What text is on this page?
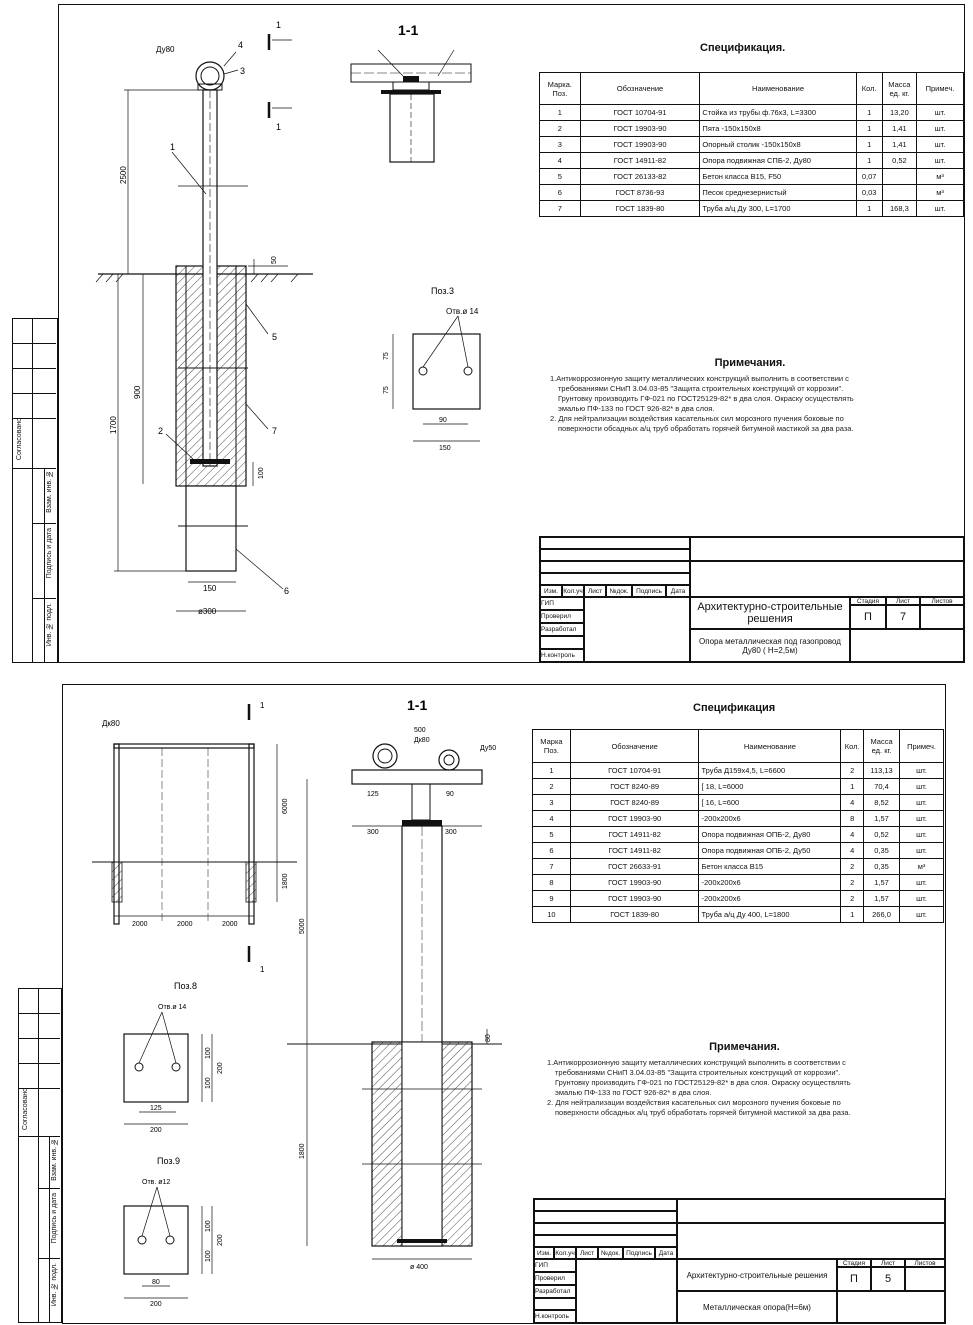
Согласовано
Взам. инв. №
Подпись и дата
Инв. № подл.
2500
900
1700
50
100
150
ø300
Ду80
1
2
3
4
5
6
7
1
1
1-1
Поз.3
Отв.ø 14
75
75
90
150
Спецификация.
Марка. Поз.	Обозначение	Наименование	Кол.	Масса ед. кг.	Примеч.
1	ГОСТ 10704-91	Стойка из трубы ф.76х3, L=3300	1	13,20	шт.
2	ГОСТ 19903-90	Пята -150х150х8	1	1,41	шт.
3	ГОСТ 19903-90	Опорный столик -150х150х8	1	1,41	шт.
4	ГОСТ 14911-82	Опора подвижная СПБ-2, Ду80	1	0,52	шт.
5	ГОСТ 26133-82	Бетон класса В15, F50	0,07		м³
6	ГОСТ 8736-93	Песок среднезернистый	0,03		м³
7	ГОСТ 1839-80	Труба а/ц Ду 300, L=1700	1	168,3	шт.
Примечания.
1.Антикоррозионную защиту металлических конструкций выполнить в соответствии с
требованиями СНиП 3.04.03-85 "Защита строительных конструкций от коррозии".
Грунтовку производить ГФ-021 по ГОСТ25129-82* в два слоя. Окраску осуществлять
эмалью ПФ-133 по ГОСТ 926-82* в два слоя.
2. Для нейтрализации воздействия касательных сил морозного пучения боковые по
поверхности обсадных а/ц труб обработать горячей битумной мастикой за два раза.
Изм. Кол.уч Лист	№док.	Подпись	Дата
ГИП
Проверил
Разработал
Н.контроль
Архитектурно-строительные решения
Стадия	Лист	Листов
П	7
Опора металлическая под газопровод Ду80 ( H=2,5м)
Согласовано
Взам. инв. №
Подпись и дата
Инв. № подл.
Дк80
2000	2000	2000
6000
1800
1
1
1-1
Дк80
Ду50
5000
1800
300	300
125	90
500
ø 400
80
Поз.8
Отв.ø 14
125
200
100
100
200
Поз.9
Отв. ø12
80
200
100
100
200
Спецификация
Марка Поз.	Обозначение	Наименование	Кол.	Масса ед. кг.	Примеч.
1	ГОСТ 10704-91	Труба Д159х4,5, L=6600	2	113,13	шт.
2	ГОСТ 8240-89	[ 18, L=6000	1	70,4	шт.
3	ГОСТ 8240-89	[ 16, L=600	4	8,52	шт.
4	ГОСТ 19903-90	-200х200х6	8	1,57	шт.
5	ГОСТ 14911-82	Опора подвижная ОПБ-2, Ду80	4	0,52	шт.
6	ГОСТ 14911-82	Опора подвижная ОПБ-2, Ду50	4	0,35	шт.
7	ГОСТ 26633-91	Бетон класса В15	2	0,35	м³
8	ГОСТ 19903-90	-200х200х6	2	1,57	шт.
9	ГОСТ 19903-90	-200х200х6	2	1,57	шт.
10	ГОСТ 1839-80	Труба а/ц Ду 400, L=1800	1	266,0	шт.
Примечания.
1.Антикоррозионную защиту металлических конструкций выполнить в соответствии с
требованиями СНиП 3.04.03-85 "Защита строительных конструкций от коррозии".
Грунтовку производить ГФ-021 по ГОСТ25129-82* в два слоя. Окраску осуществлять
эмалью ПФ-133 по ГОСТ 926-82* в два слоя.
2. Для нейтрализации воздействия касательных сил морозного пучения боковые по
поверхности обсадных а/ц труб обработать горячей битумной мастикой за два раза.
Изм. Кол.уч Лист	№док. Подпись	Дата
ГИП
Проверил
Разработал
Н.контроль
Архитектурно-строительные решения
Стадия	Лист	Листов
П	5
Металлическая опора(Н=6м)
